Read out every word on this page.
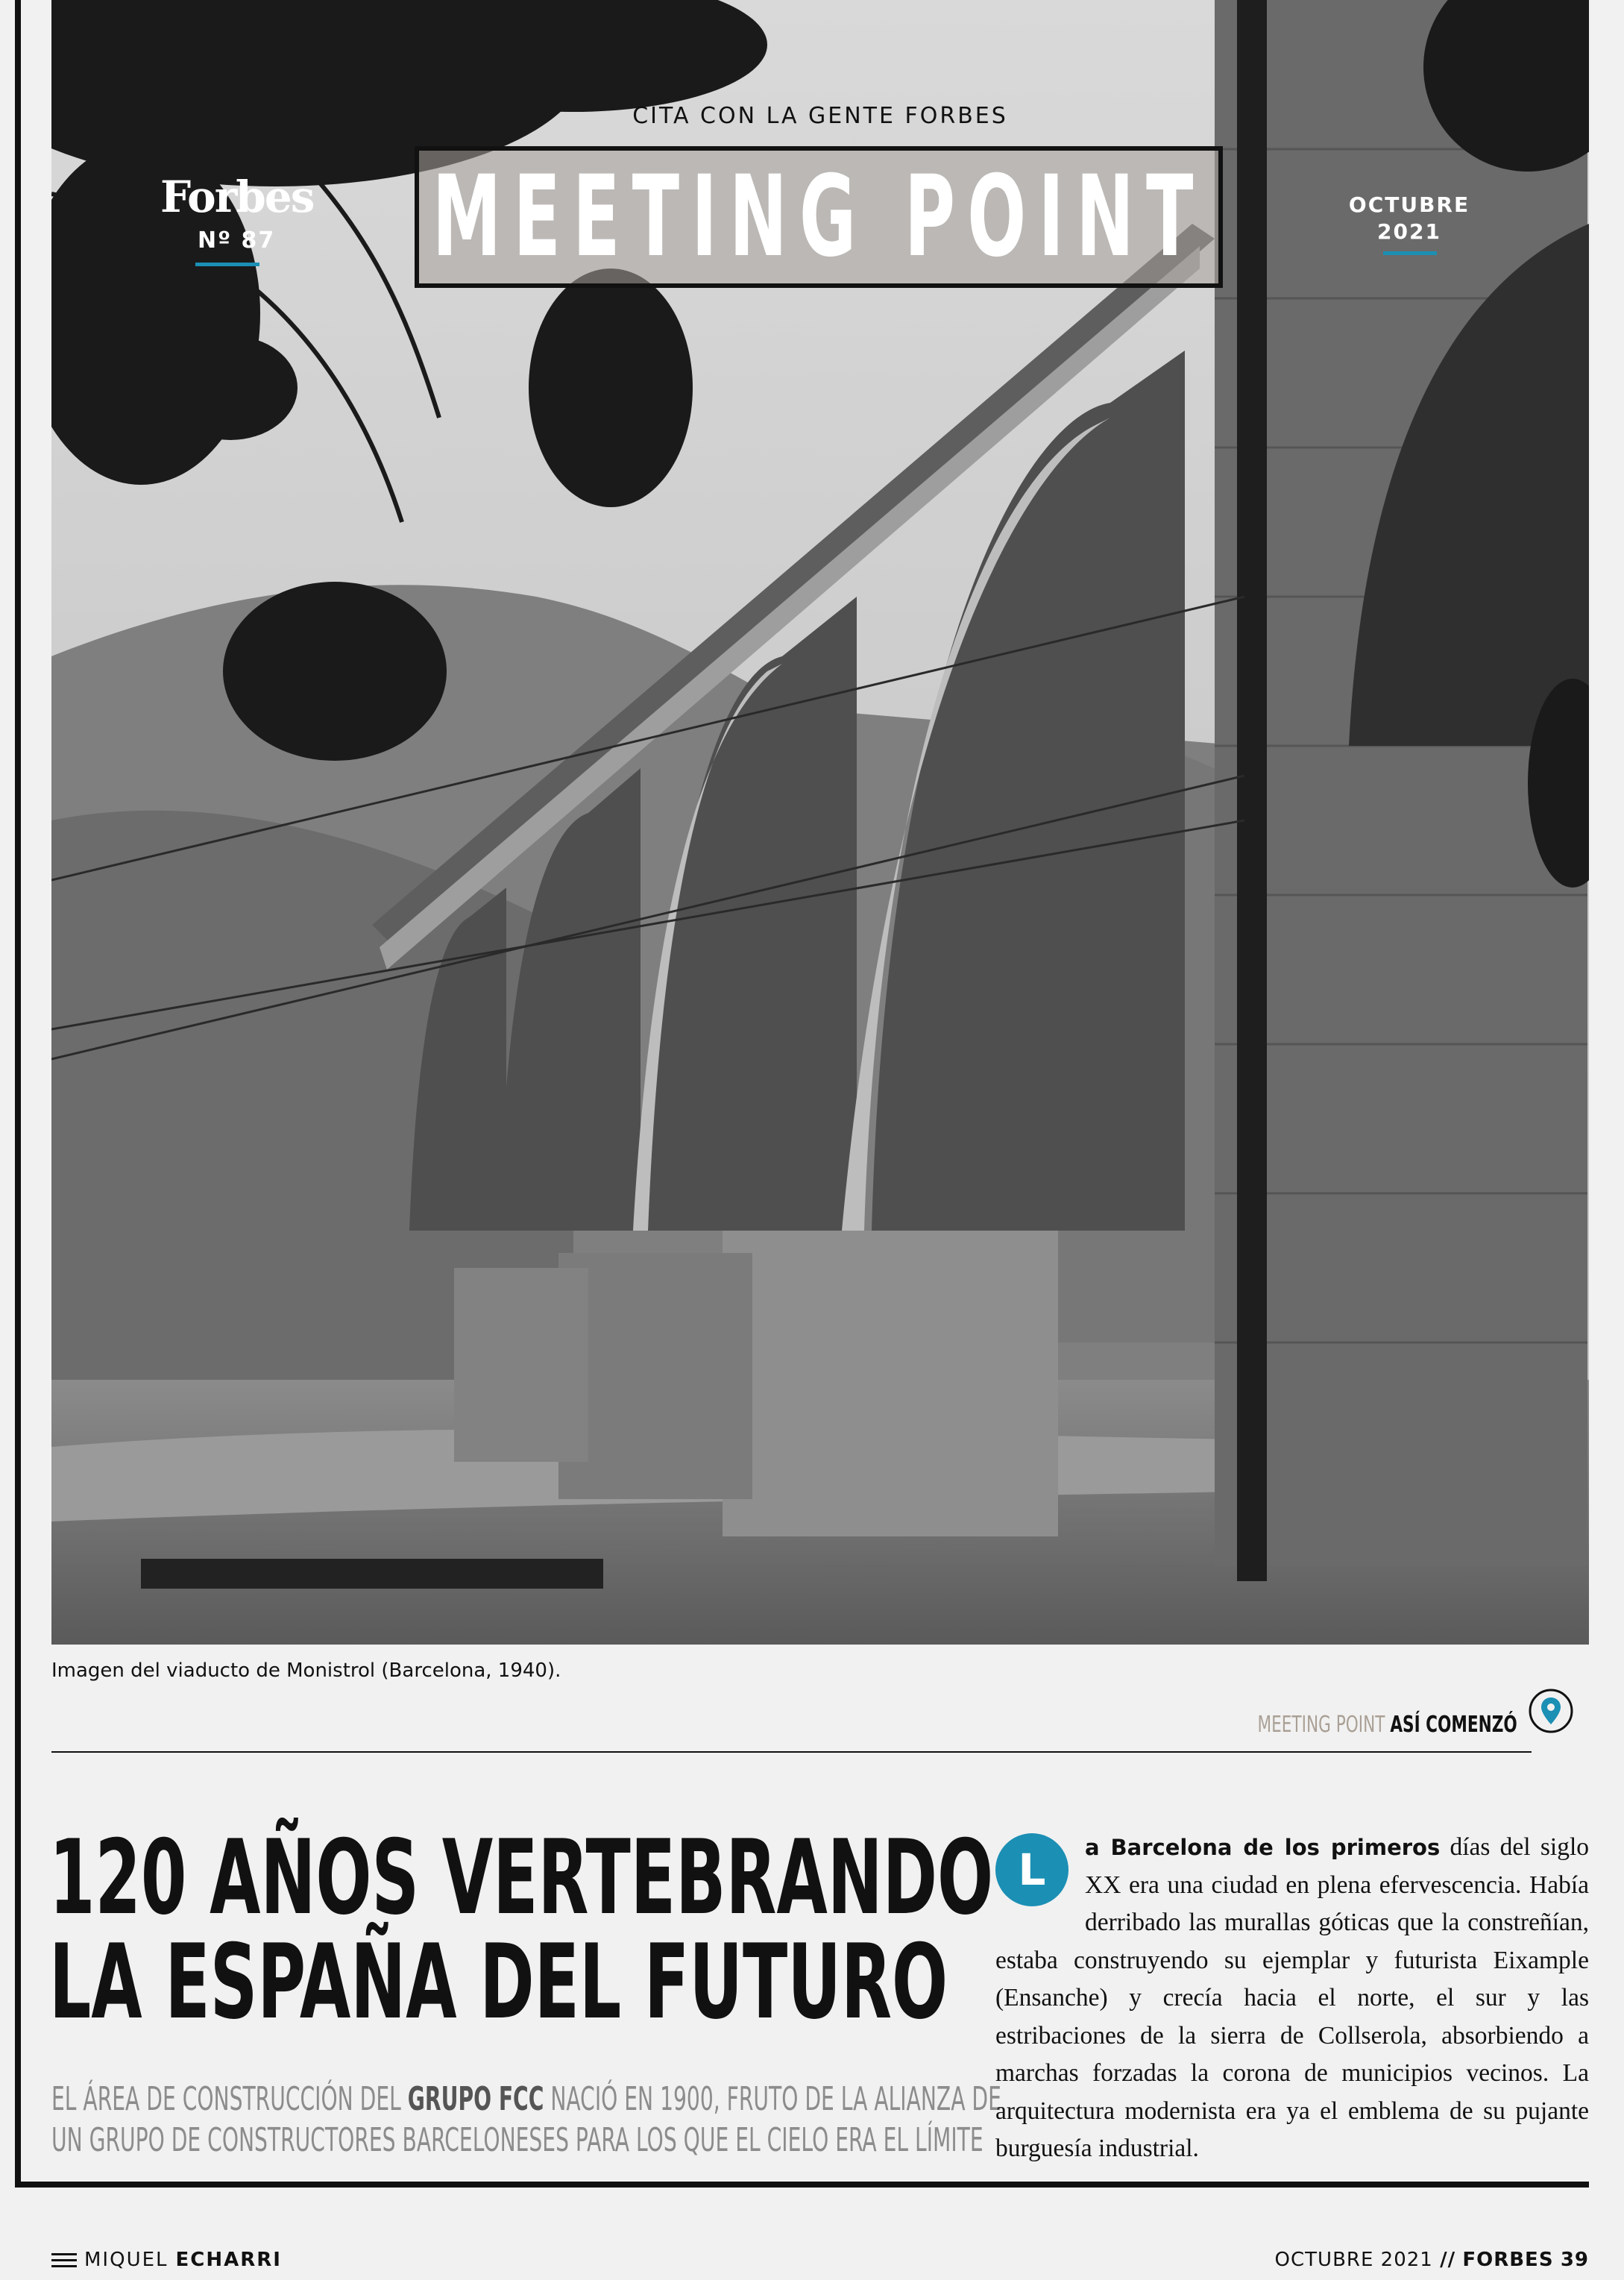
CITA CON LA GENTE FORBES
MEETING POINT
Forbes
Nº 87
OCTUBRE
2021
Imagen del viaducto de Monistrol (Barcelona, 1940).
MEETING POINT ASÍ COMENZÓ
120 AÑOS VERTEBRANDO
LA ESPAÑA DEL FUTURO
EL ÁREA DE CONSTRUCCIÓN DEL GRUPO FCC NACIÓ EN 1900, FRUTO DE LA ALIANZA DE
UN GRUPO DE CONSTRUCTORES BARCELONESES PARA LOS QUE EL CIELO ERA EL LÍMITE
L	a Barcelona de los primeros días del siglo XX era una ciudad en plena efervescencia. Había derribado las murallas góticas que la constreñían, estaba construyendo su ejemplar y futurista Eixample (Ensanche) y crecía hacia el norte, el sur y las estribaciones de la sierra de Collserola, absorbiendo a marchas forzadas la corona de municipios vecinos. La arquitectura modernista era ya el emblema de su pujante burguesía industrial.
MIQUEL ECHARRI	OCTUBRE 2021 // FORBES 39
